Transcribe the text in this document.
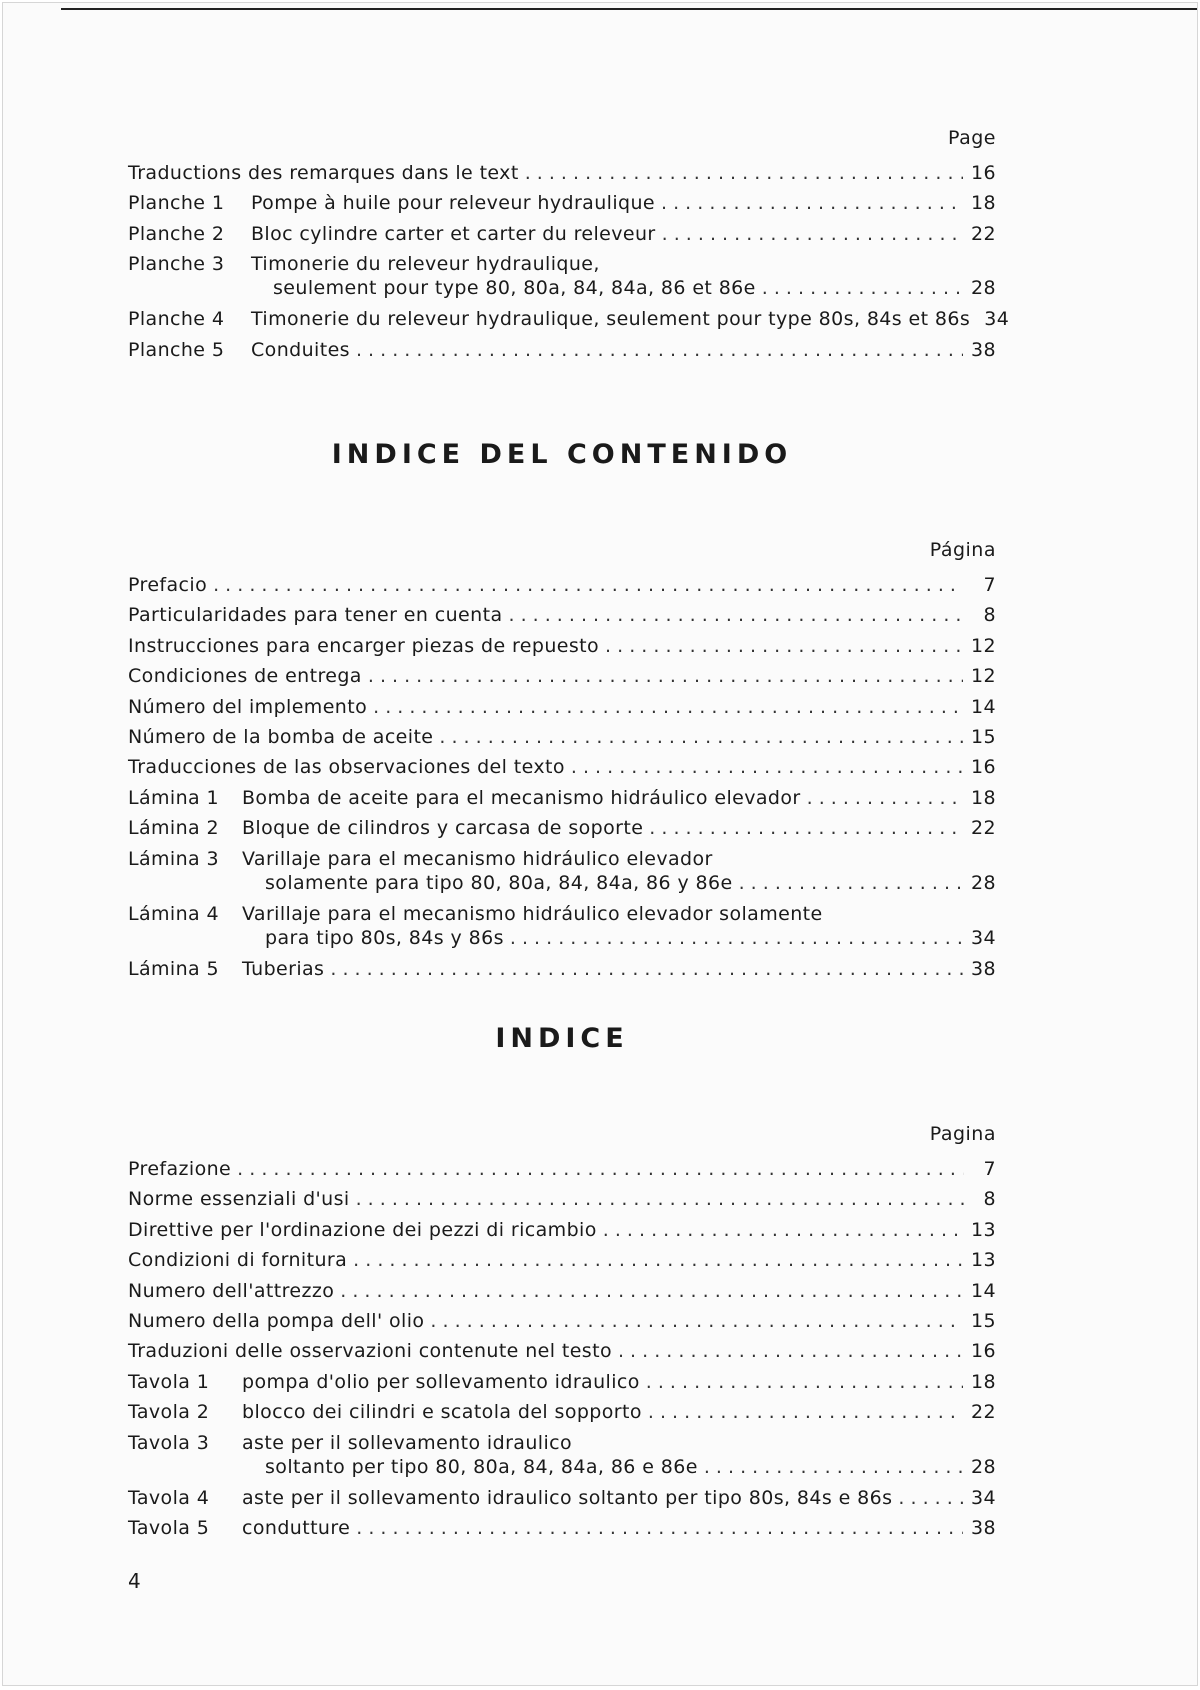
Page
Traductions des remarques dans le text . . .	16
Planche 1	Pompe à huile pour releveur hydraulique . . .	18
Planche 2	Bloc cylindre carter et carter du releveur . . .	22
Planche 3	Timonerie du releveur hydraulique,
seulement pour type 80, 80a, 84, 84a, 86 et 86e . . .	28
Planche 4	Timonerie du releveur hydraulique, seulement pour type 80s, 84s et 86s 34
Planche 5	Conduites . . .	38
INDICE DEL CONTENIDO
Página
Prefacio . . .	7
Particularidades para tener en cuenta . . .	8
Instrucciones para encarger piezas de repuesto . . .	12
Condiciones de entrega . . .	12
Número del implemento . . .	14
Número de la bomba de aceite . . .	15
Traducciones de las observaciones del texto . . .	16
Lámina 1	Bomba de aceite para el mecanismo hidráulico elevador . . .	18
Lámina 2	Bloque de cilindros y carcasa de soporte . . .	22
Lámina 3	Varillaje para el mecanismo hidráulico elevador
solamente para tipo 80, 80a, 84, 84a, 86 y 86e . . .	28
Lámina 4	Varillaje para el mecanismo hidráulico elevador solamente
para tipo 80s, 84s y 86s . . .	34
Lámina 5	Tuberias . . .	38
INDICE
Pagina
Prefazione . . .	7
Norme essenziali d'usi . . .	8
Direttive per l'ordinazione dei pezzi di ricambio . . .	13
Condizioni di fornitura . . .	13
Numero dell'attrezzo . . .	14
Numero della pompa dell' olio . . .	15
Traduzioni delle osservazioni contenute nel testo . . .	16
Tavola 1	pompa d'olio per sollevamento idraulico . . .	18
Tavola 2	blocco dei cilindri e scatola del sopporto . . .	22
Tavola 3	aste per il sollevamento idraulico
soltanto per tipo 80, 80a, 84, 84a, 86 e 86e . . .	28
Tavola 4	aste per il sollevamento idraulico soltanto per tipo 80s, 84s e 86s . . .	34
Tavola 5	condutture . . .	38
4
